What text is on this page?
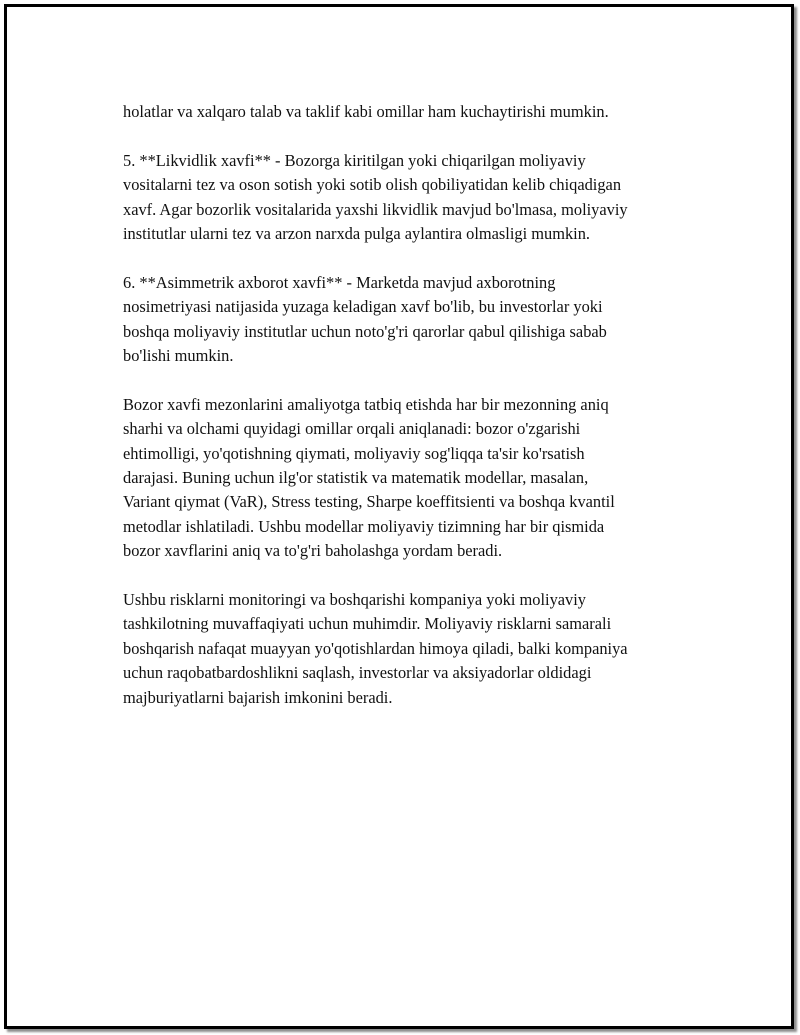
holatlar va xalqaro talab va taklif kabi omillar ham kuchaytirishi mumkin.

5. **Likvidlik xavfi** - Bozorga kiritilgan yoki chiqarilgan moliyaviy
vositalarni tez va oson sotish yoki sotib olish qobiliyatidan kelib chiqadigan
xavf. Agar bozorlik vositalarida yaxshi likvidlik mavjud bo'lmasa, moliyaviy
institutlar ularni tez va arzon narxda pulga aylantira olmasligi mumkin.

6. **Asimmetrik axborot xavfi** - Marketda mavjud axborotning
nosimetriyasi natijasida yuzaga keladigan xavf bo'lib, bu investorlar yoki
boshqa moliyaviy institutlar uchun noto'g'ri qarorlar qabul qilishiga sabab
bo'lishi mumkin.

Bozor xavfi mezonlarini amaliyotga tatbiq etishda har bir mezonning aniq
sharhi va olchami quyidagi omillar orqali aniqlanadi: bozor o'zgarishi
ehtimolligi, yo'qotishning qiymati, moliyaviy sog'liqqa ta'sir ko'rsatish
darajasi. Buning uchun ilg'or statistik va matematik modellar, masalan,
Variant qiymat (VaR), Stress testing, Sharpe koeffitsienti va boshqa kvantil
metodlar ishlatiladi. Ushbu modellar moliyaviy tizimning har bir qismida
bozor xavflarini aniq va to'g'ri baholashga yordam beradi.

Ushbu risklarni monitoringi va boshqarishi kompaniya yoki moliyaviy
tashkilotning muvaffaqiyati uchun muhimdir. Moliyaviy risklarni samarali
boshqarish nafaqat muayyan yo'qotishlardan himoya qiladi, balki kompaniya
uchun raqobatbardoshlikni saqlash, investorlar va aksiyadorlar oldidagi
majburiyatlarni bajarish imkonini beradi.
